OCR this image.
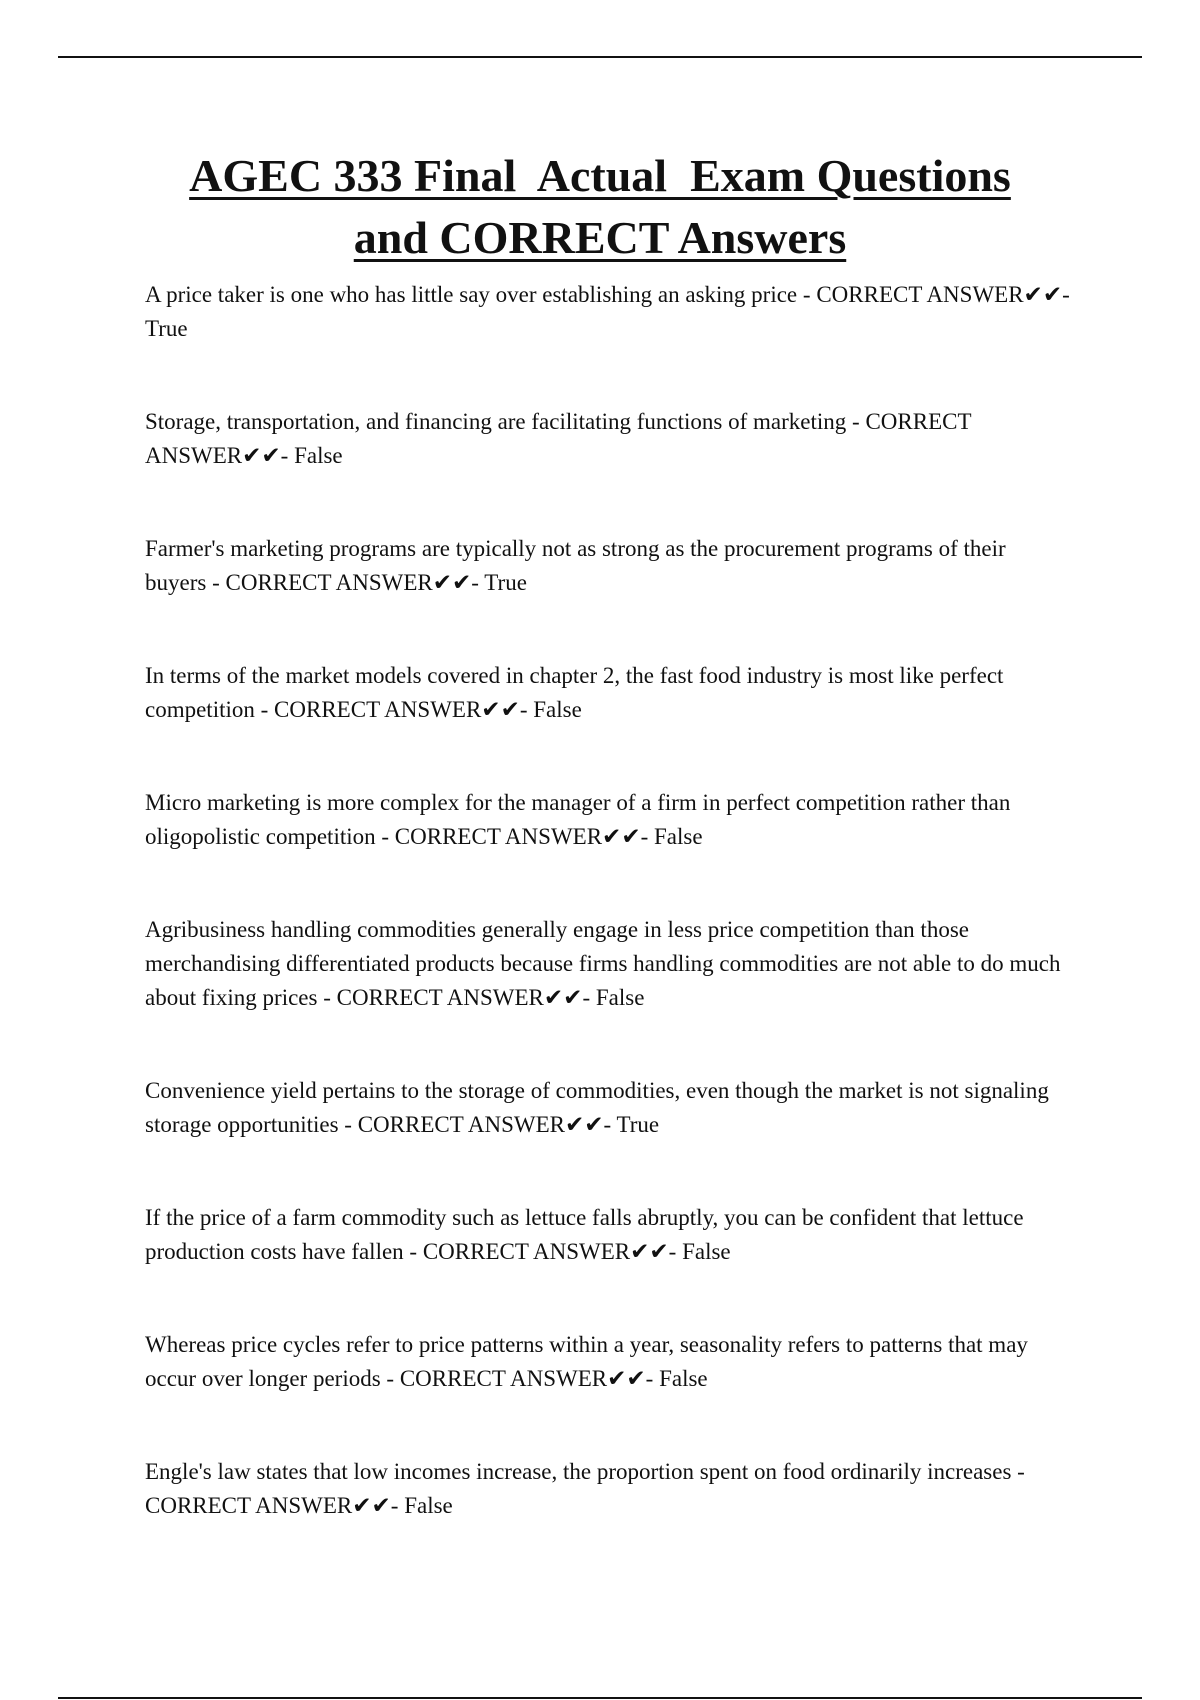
AGEC 333 Final  Actual  Exam Questions
and CORRECT Answers

A price taker is one who has little say over establishing an asking price - CORRECT ANSWER✔✔- True

Storage, transportation, and financing are facilitating functions of marketing - CORRECT ANSWER✔✔- False

Farmer's marketing programs are typically not as strong as the procurement programs of their buyers - CORRECT ANSWER✔✔- True

In terms of the market models covered in chapter 2, the fast food industry is most like perfect competition - CORRECT ANSWER✔✔- False

Micro marketing is more complex for the manager of a firm in perfect competition rather than oligopolistic competition - CORRECT ANSWER✔✔- False

Agribusiness handling commodities generally engage in less price competition than those merchandising differentiated products because firms handling commodities are not able to do much about fixing prices - CORRECT ANSWER✔✔- False

Convenience yield pertains to the storage of commodities, even though the market is not signaling storage opportunities - CORRECT ANSWER✔✔- True

If the price of a farm commodity such as lettuce falls abruptly, you can be confident that lettuce production costs have fallen - CORRECT ANSWER✔✔- False

Whereas price cycles refer to price patterns within a year, seasonality refers to patterns that may occur over longer periods - CORRECT ANSWER✔✔- False

Engle's law states that low incomes increase, the proportion spent on food ordinarily increases - CORRECT ANSWER✔✔- False
